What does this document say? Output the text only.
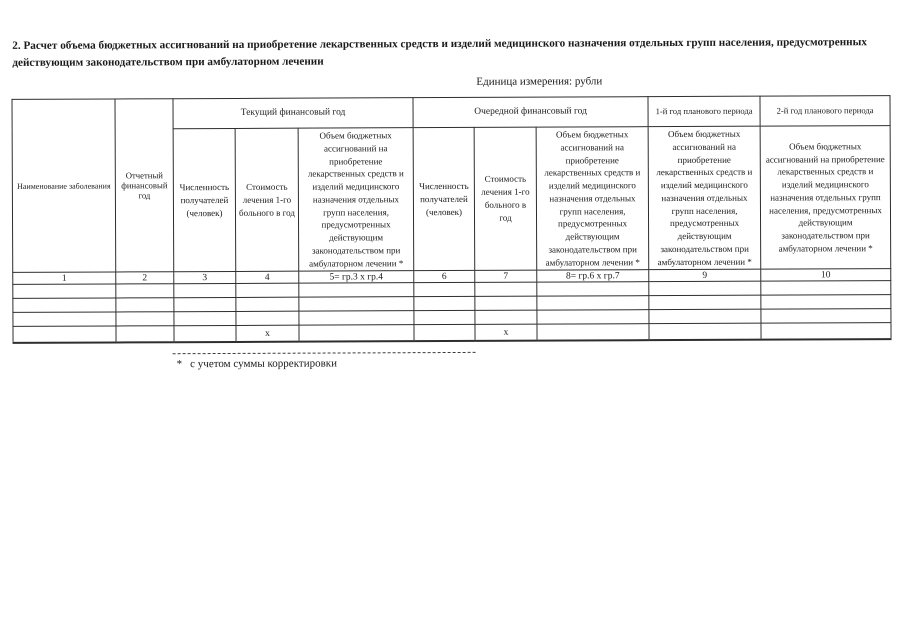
2. Расчет объема бюджетных ассигнований на приобретение лекарственных средств и изделий медицинского назначения отдельных групп населения, предусмотренных действующим законодательством при амбулаторном лечении
Единица измерения: рубли
Наименование заболевания	Отчетный финансовый год	Текущий финансовый год			Очередной финансовый год			1-й год планового периода	2-й год планового периода
		Численность получателей (человек)	Стоимость лечения 1-го больного в год	Объем бюджетных ассигнований на приобретение лекарственных средств и изделий медицинского назначения отдельных групп населения, предусмотренных действующим законодательством при амбулаторном лечении *	Численность получателей (человек)	Стоимость лечения 1-го больного в год	Объем бюджетных ассигнований на приобретение лекарственных средств и изделий медицинского назначения отдельных групп населения, предусмотренных действующим законодательством при амбулаторном лечении *	Объем бюджетных ассигнований на приобретение лекарственных средств и изделий медицинского назначения отдельных групп населения, предусмотренных действующим законодательством при амбулаторном лечении *	Объем бюджетных ассигнований на приобретение лекарственных средств и изделий медицинского назначения отдельных групп населения, предусмотренных действующим законодательством при амбулаторном лечении *
1	2	3	4	5= гр.3 х гр.4	6	7	8= гр.6 х гр.7	9	10

			х			х			
* с учетом суммы корректировки
